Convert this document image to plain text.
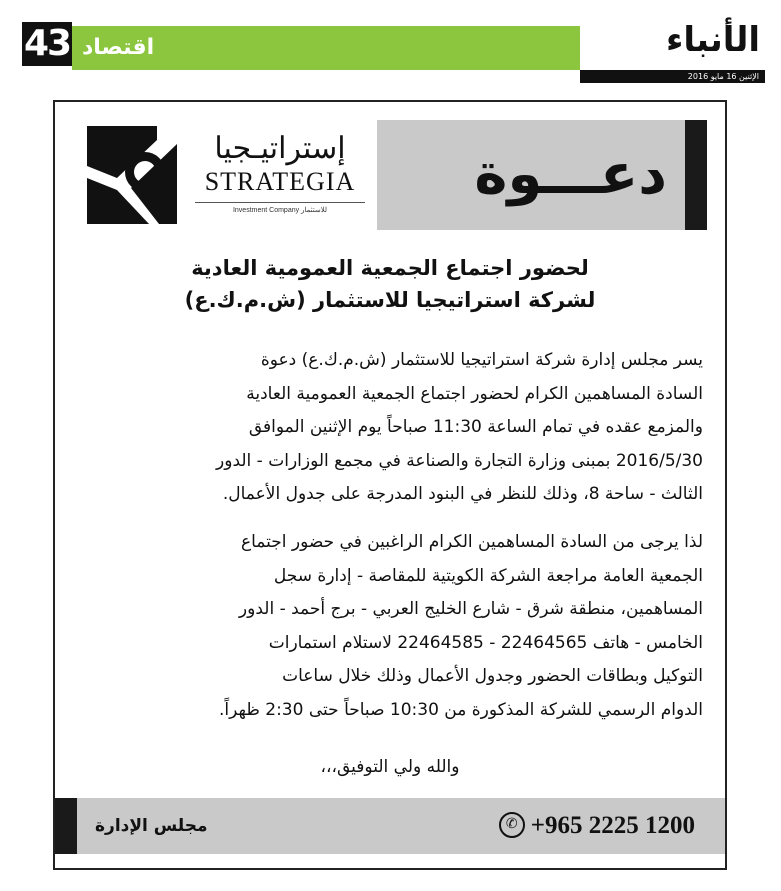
43 اقتصاد	الأنباء
الإثنين 16 مايو 2016
دعـــوة
إستراتيـجيا
STRATEGIA
Investment Company للاستثمار
لحضور اجتماع الجمعية العمومية العادية
لشركة استراتيجيا للاستثمار (ش.م.ك.ع)
يسر مجلس إدارة شركة استراتيجيا للاستثمار (ش.م.ك.ع) دعوة
السادة المساهمين الكرام لحضور اجتماع الجمعية العمومية العادية
والمزمع عقده في تمام الساعة 11:30 صباحاً يوم الإثنين الموافق
2016/5/30 بمبنى وزارة التجارة والصناعة في مجمع الوزارات - الدور
الثالث - ساحة 8، وذلك للنظر في البنود المدرجة على جدول الأعمال.
لذا يرجى من السادة المساهمين الكرام الراغبين في حضور اجتماع
الجمعية العامة مراجعة الشركة الكويتية للمقاصة - إدارة سجل
المساهمين، منطقة شرق - شارع الخليج العربي - برج أحمد - الدور
الخامس - هاتف 22464565 - 22464585 لاستلام استمارات
التوكيل وبطاقات الحضور وجدول الأعمال وذلك خلال ساعات
الدوام الرسمي للشركة المذكورة من 10:30 صباحاً حتى 2:30 ظهراً.
والله ولي التوفيق،،،
مجلس الإدارة	✆ +965 2225 1200
